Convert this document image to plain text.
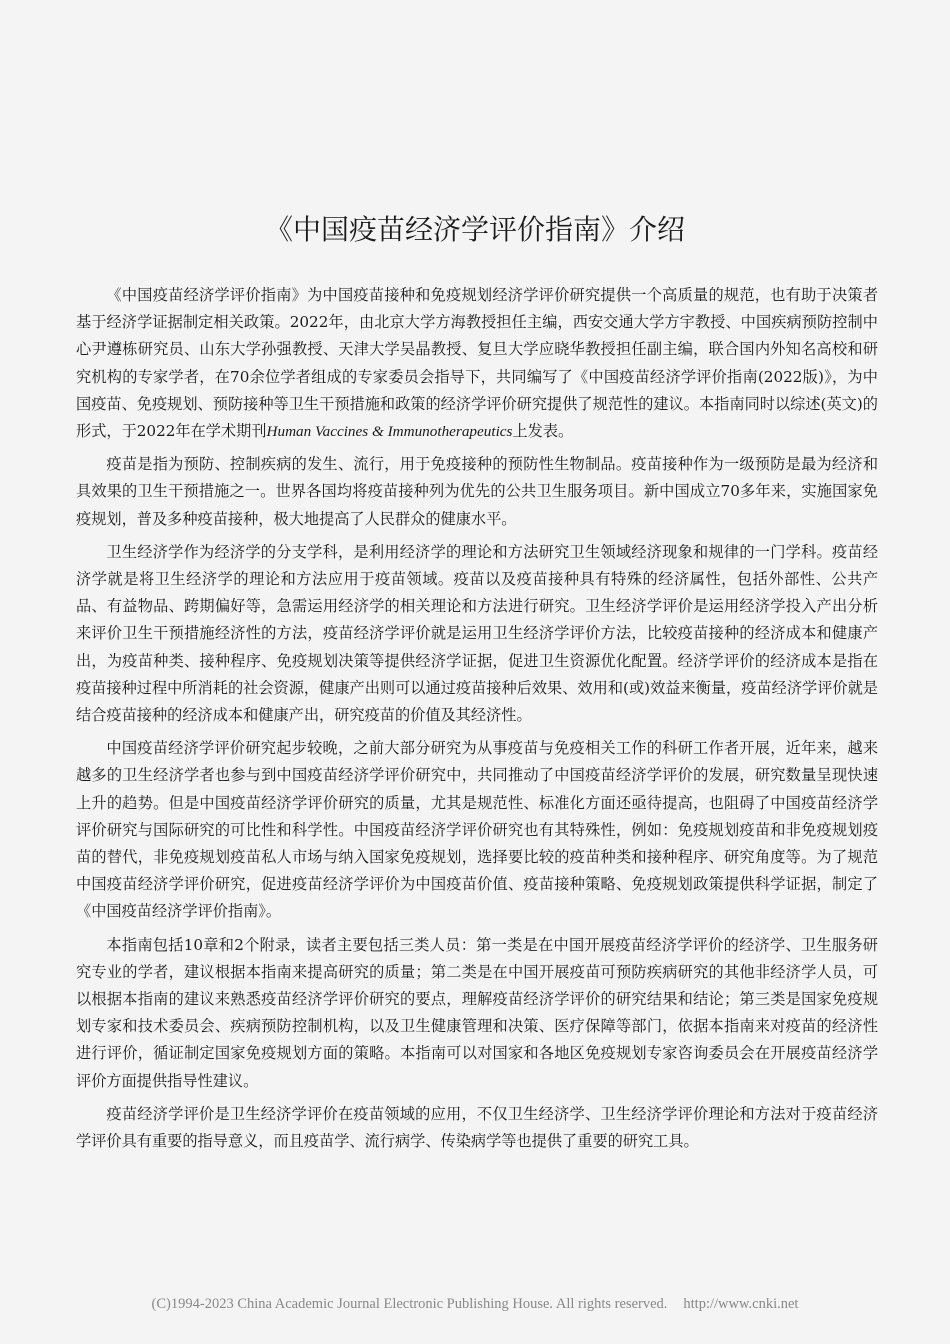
《中国疫苗经济学评价指南》介绍

《中国疫苗经济学评价指南》为中国疫苗接种和免疫规划经济学评价研究提供一个高质量的规范，也有助于决策者基于经济学证据制定相关政策。2022年，由北京大学方海教授担任主编，西安交通大学方宇教授、中国疾病预防控制中心尹遵栋研究员、山东大学孙强教授、天津大学吴晶教授、复旦大学应晓华教授担任副主编，联合国内外知名高校和研究机构的专家学者，在70余位学者组成的专家委员会指导下，共同编写了《中国疫苗经济学评价指南(2022版)》，为中国疫苗、免疫规划、预防接种等卫生干预措施和政策的经济学评价研究提供了规范性的建议。本指南同时以综述(英文)的形式，于2022年在学术期刊Human Vaccines & Immunotherapeutics上发表。

疫苗是指为预防、控制疾病的发生、流行，用于免疫接种的预防性生物制品。疫苗接种作为一级预防是最为经济和具效果的卫生干预措施之一。世界各国均将疫苗接种列为优先的公共卫生服务项目。新中国成立70多年来，实施国家免疫规划，普及多种疫苗接种，极大地提高了人民群众的健康水平。

卫生经济学作为经济学的分支学科，是利用经济学的理论和方法研究卫生领域经济现象和规律的一门学科。疫苗经济学就是将卫生经济学的理论和方法应用于疫苗领域。疫苗以及疫苗接种具有特殊的经济属性，包括外部性、公共产品、有益物品、跨期偏好等，急需运用经济学的相关理论和方法进行研究。卫生经济学评价是运用经济学投入产出分析来评价卫生干预措施经济性的方法，疫苗经济学评价就是运用卫生经济学评价方法，比较疫苗接种的经济成本和健康产出，为疫苗种类、接种程序、免疫规划决策等提供经济学证据，促进卫生资源优化配置。经济学评价的经济成本是指在疫苗接种过程中所消耗的社会资源，健康产出则可以通过疫苗接种后效果、效用和(或)效益来衡量，疫苗经济学评价就是结合疫苗接种的经济成本和健康产出，研究疫苗的价值及其经济性。

中国疫苗经济学评价研究起步较晚，之前大部分研究为从事疫苗与免疫相关工作的科研工作者开展，近年来，越来越多的卫生经济学者也参与到中国疫苗经济学评价研究中，共同推动了中国疫苗经济学评价的发展，研究数量呈现快速上升的趋势。但是中国疫苗经济学评价研究的质量，尤其是规范性、标准化方面还亟待提高，也阻碍了中国疫苗经济学评价研究与国际研究的可比性和科学性。中国疫苗经济学评价研究也有其特殊性，例如：免疫规划疫苗和非免疫规划疫苗的替代，非免疫规划疫苗私人市场与纳入国家免疫规划，选择要比较的疫苗种类和接种程序、研究角度等。为了规范中国疫苗经济学评价研究，促进疫苗经济学评价为中国疫苗价值、疫苗接种策略、免疫规划政策提供科学证据，制定了《中国疫苗经济学评价指南》。

本指南包括10章和2个附录，读者主要包括三类人员：第一类是在中国开展疫苗经济学评价的经济学、卫生服务研究专业的学者，建议根据本指南来提高研究的质量；第二类是在中国开展疫苗可预防疾病研究的其他非经济学人员，可以根据本指南的建议来熟悉疫苗经济学评价研究的要点，理解疫苗经济学评价的研究结果和结论；第三类是国家免疫规划专家和技术委员会、疾病预防控制机构，以及卫生健康管理和决策、医疗保障等部门，依据本指南来对疫苗的经济性进行评价，循证制定国家免疫规划方面的策略。本指南可以对国家和各地区免疫规划专家咨询委员会在开展疫苗经济学评价方面提供指导性建议。

疫苗经济学评价是卫生经济学评价在疫苗领域的应用，不仅卫生经济学、卫生经济学评价理论和方法对于疫苗经济学评价具有重要的指导意义，而且疫苗学、流行病学、传染病学等也提供了重要的研究工具。

(C)1994-2023 China Academic Journal Electronic Publishing House. All rights reserved. http://www.cnki.net
